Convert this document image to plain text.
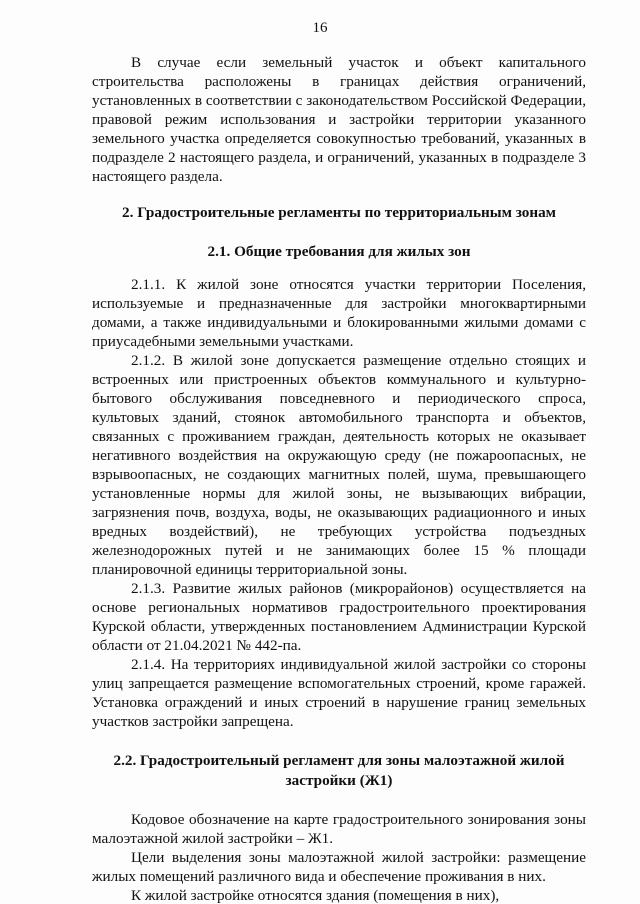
16

В случае если земельный участок и объект капитального строительства расположены в границах действия ограничений, установленных в соответствии с законодательством Российской Федерации, правовой режим использования и застройки территории указанного земельного участка определяется совокупностью требований, указанных в подразделе 2 настоящего раздела, и ограничений, указанных в подразделе 3 настоящего раздела.

2. Градостроительные регламенты по территориальным зонам
2.1. Общие требования для жилых зон

2.1.1. К жилой зоне относятся участки территории Поселения, используемые и предназначенные для застройки многоквартирными домами, а также индивидуальными и блокированными жилыми домами с приусадебными земельными участками.

2.1.2. В жилой зоне допускается размещение отдельно стоящих и встроенных или пристроенных объектов коммунального и культурно-бытового обслуживания повседневного и периодического спроса, культовых зданий, стоянок автомобильного транспорта и объектов, связанных с проживанием граждан, деятельность которых не оказывает негативного воздействия на окружающую среду (не пожароопасных, не взрывоопасных, не создающих магнитных полей, шума, превышающего установленные нормы для жилой зоны, не вызывающих вибрации, загрязнения почв, воздуха, воды, не оказывающих радиационного и иных вредных воздействий), не требующих устройства подъездных железнодорожных путей и не занимающих более 15 % площади планировочной единицы территориальной зоны.

2.1.3. Развитие жилых районов (микрорайонов) осуществляется на основе региональных нормативов градостроительного проектирования Курской области, утвержденных постановлением Администрации Курской области от 21.04.2021 № 442-па.

2.1.4. На территориях индивидуальной жилой застройки со стороны улиц запрещается размещение вспомогательных строений, кроме гаражей. Установка ограждений и иных строений в нарушение границ земельных участков застройки запрещена.

2.2. Градостроительный регламент для зоны малоэтажной жилой застройки (Ж1)

Кодовое обозначение на карте градостроительного зонирования зоны малоэтажной жилой застройки – Ж1.

Цели выделения зоны малоэтажной жилой застройки: размещение жилых помещений различного вида и обеспечение проживания в них.

К жилой застройке относятся здания (помещения в них),
